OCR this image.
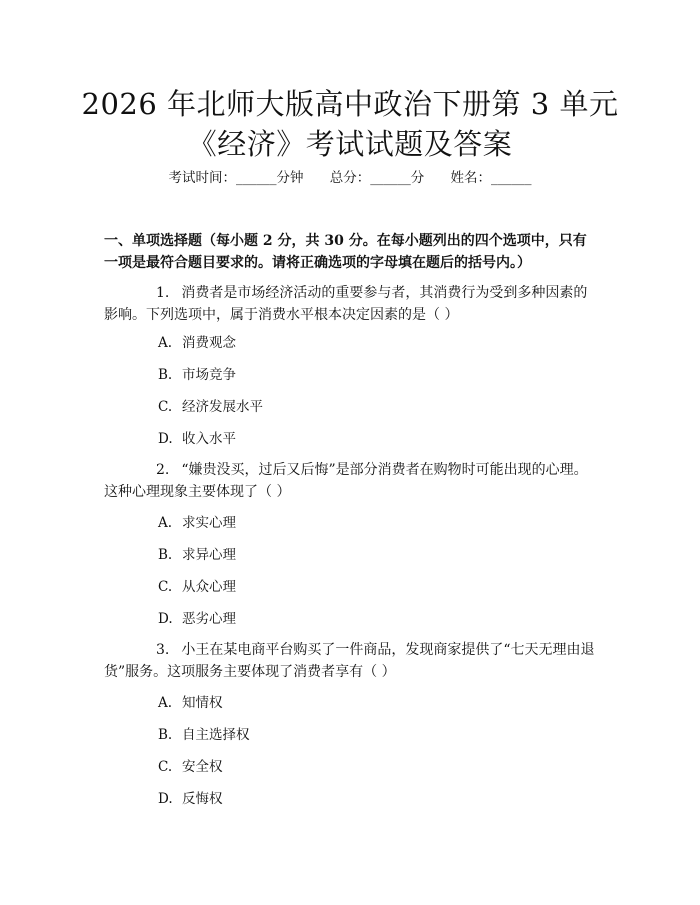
2026 年北师大版高中政治下册第 3 单元《经济》考试试题及答案
考试时间：______分钟 总分：______分 姓名：______

一、单项选择题（每小题 2 分，共 30 分。在每小题列出的四个选项中，只有一项是最符合题目要求的。请将正确选项的字母填在题后的括号内。）

1. 消费者是市场经济活动的重要参与者，其消费行为受到多种因素的影响。下列选项中，属于消费水平根本决定因素的是（ ）

A. 消费观念
B. 市场竞争
C. 经济发展水平
D. 收入水平

2. “嫌贵没买，过后又后悔”是部分消费者在购物时可能出现的心理。这种心理现象主要体现了（ ）

A. 求实心理
B. 求异心理
C. 从众心理
D. 恶劣心理

3. 小王在某电商平台购买了一件商品，发现商家提供了“七天无理由退货”服务。这项服务主要体现了消费者享有（ ）

A. 知情权
B. 自主选择权
C. 安全权
D. 反悔权
